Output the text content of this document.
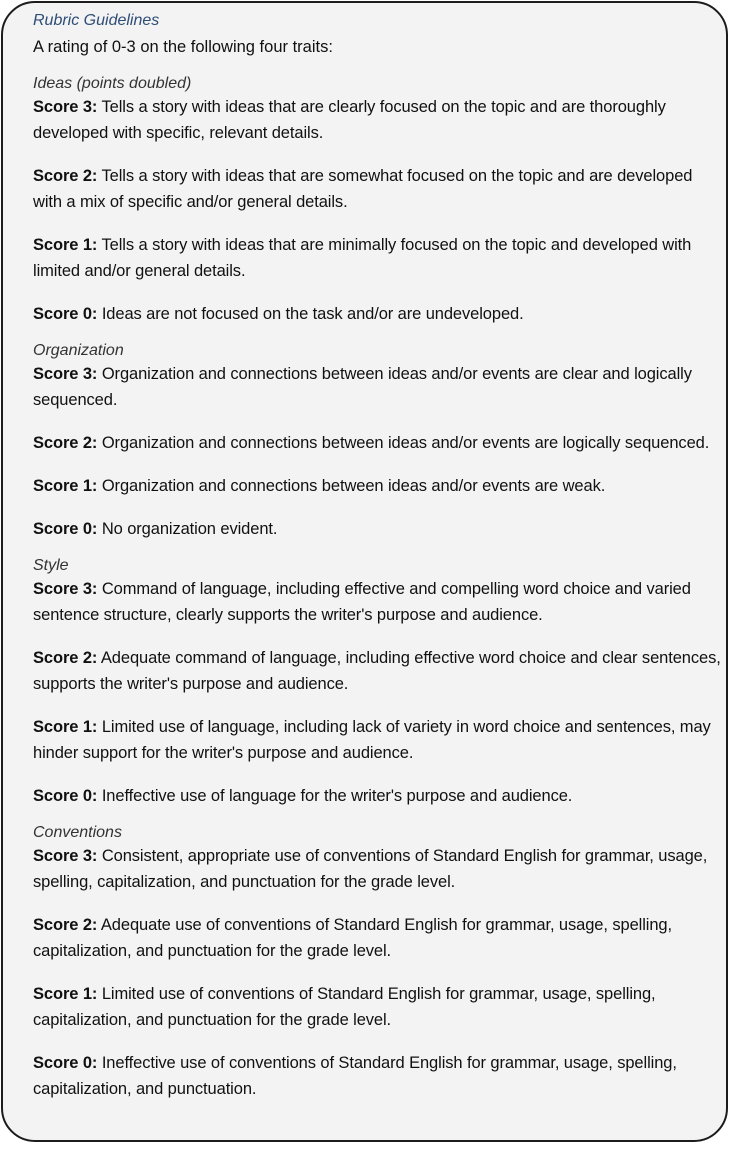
Rubric Guidelines
A rating of 0-3 on the following four traits:
Ideas (points doubled)
Score 3: Tells a story with ideas that are clearly focused on the topic and are thoroughly developed with specific, relevant details.
Score 2: Tells a story with ideas that are somewhat focused on the topic and are developed with a mix of specific and/or general details.
Score 1: Tells a story with ideas that are minimally focused on the topic and developed with limited and/or general details.
Score 0: Ideas are not focused on the task and/or are undeveloped.
Organization
Score 3: Organization and connections between ideas and/or events are clear and logically sequenced.
Score 2: Organization and connections between ideas and/or events are logically sequenced.
Score 1: Organization and connections between ideas and/or events are weak.
Score 0: No organization evident.
Style
Score 3: Command of language, including effective and compelling word choice and varied sentence structure, clearly supports the writer's purpose and audience.
Score 2: Adequate command of language, including effective word choice and clear sentences, supports the writer's purpose and audience.
Score 1: Limited use of language, including lack of variety in word choice and sentences, may hinder support for the writer's purpose and audience.
Score 0: Ineffective use of language for the writer's purpose and audience.
Conventions
Score 3: Consistent, appropriate use of conventions of Standard English for grammar, usage, spelling, capitalization, and punctuation for the grade level.
Score 2: Adequate use of conventions of Standard English for grammar, usage, spelling, capitalization, and punctuation for the grade level.
Score 1: Limited use of conventions of Standard English for grammar, usage, spelling, capitalization, and punctuation for the grade level.
Score 0: Ineffective use of conventions of Standard English for grammar, usage, spelling, capitalization, and punctuation.
